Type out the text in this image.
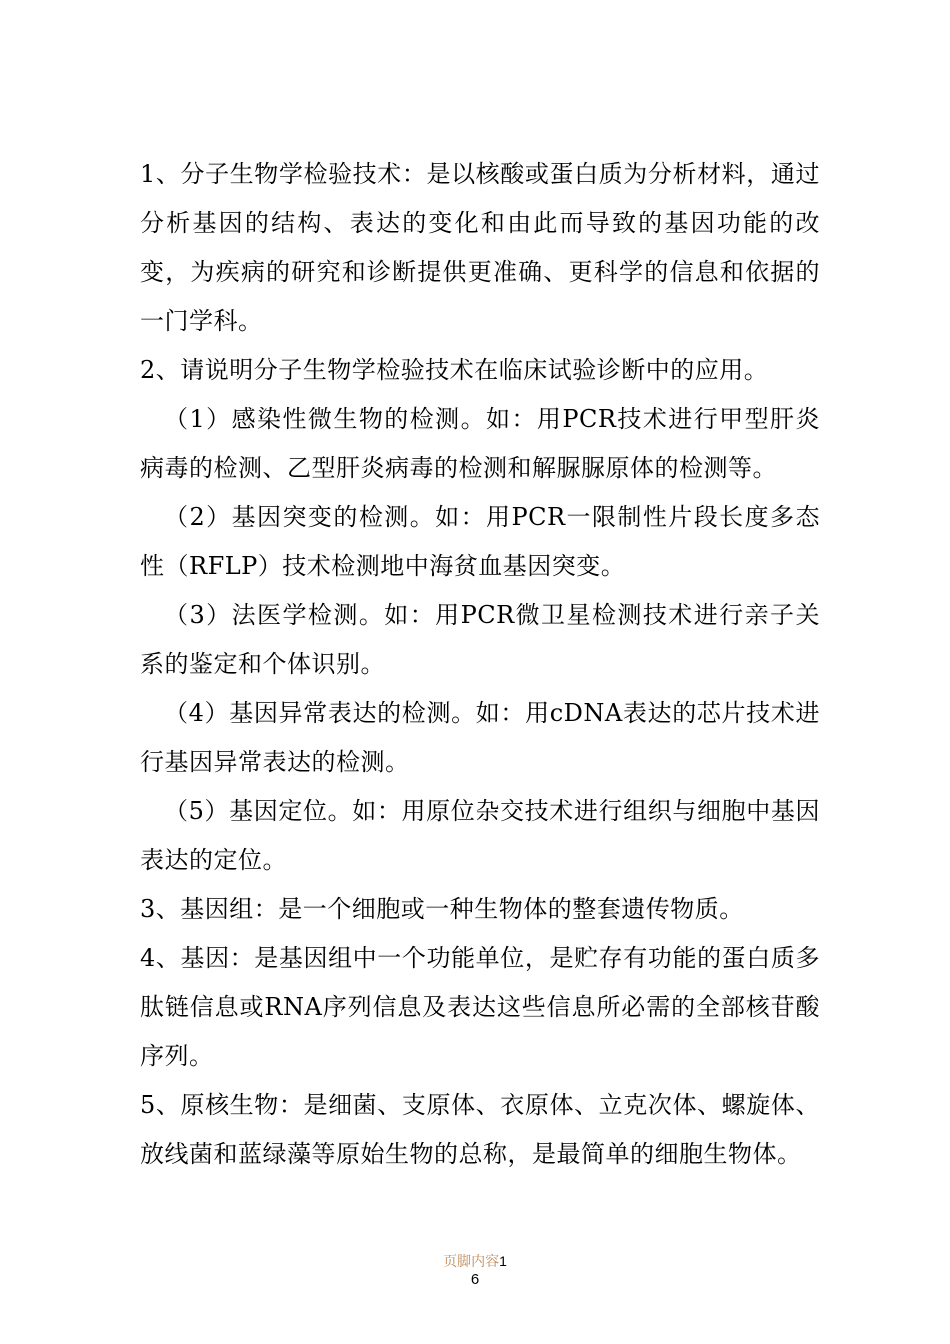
1、分子生物学检验技术：是以核酸或蛋白质为分析材料，通过分析基因的结构、表达的变化和由此而导致的基因功能的改变，为疾病的研究和诊断提供更准确、更科学的信息和依据的一门学科。

2、请说明分子生物学检验技术在临床试验诊断中的应用。

（1）感染性微生物的检测。如：用PCR技术进行甲型肝炎病毒的检测、乙型肝炎病毒的检测和解脲脲原体的检测等。

（2）基因突变的检测。如：用PCR一限制性片段长度多态性（RFLP）技术检测地中海贫血基因突变。

（3）法医学检测。如：用PCR微卫星检测技术进行亲子关系的鉴定和个体识别。

（4）基因异常表达的检测。如：用cDNA表达的芯片技术进行基因异常表达的检测。

（5）基因定位。如：用原位杂交技术进行组织与细胞中基因表达的定位。

3、基因组：是一个细胞或一种生物体的整套遗传物质。

4、基因：是基因组中一个功能单位，是贮存有功能的蛋白质多肽链信息或RNA序列信息及表达这些信息所必需的全部核苷酸序列。

5、原核生物：是细菌、支原体、衣原体、立克次体、螺旋体、放线菌和蓝绿藻等原始生物的总称，是最简单的细胞生物体。

页脚内容1
6
